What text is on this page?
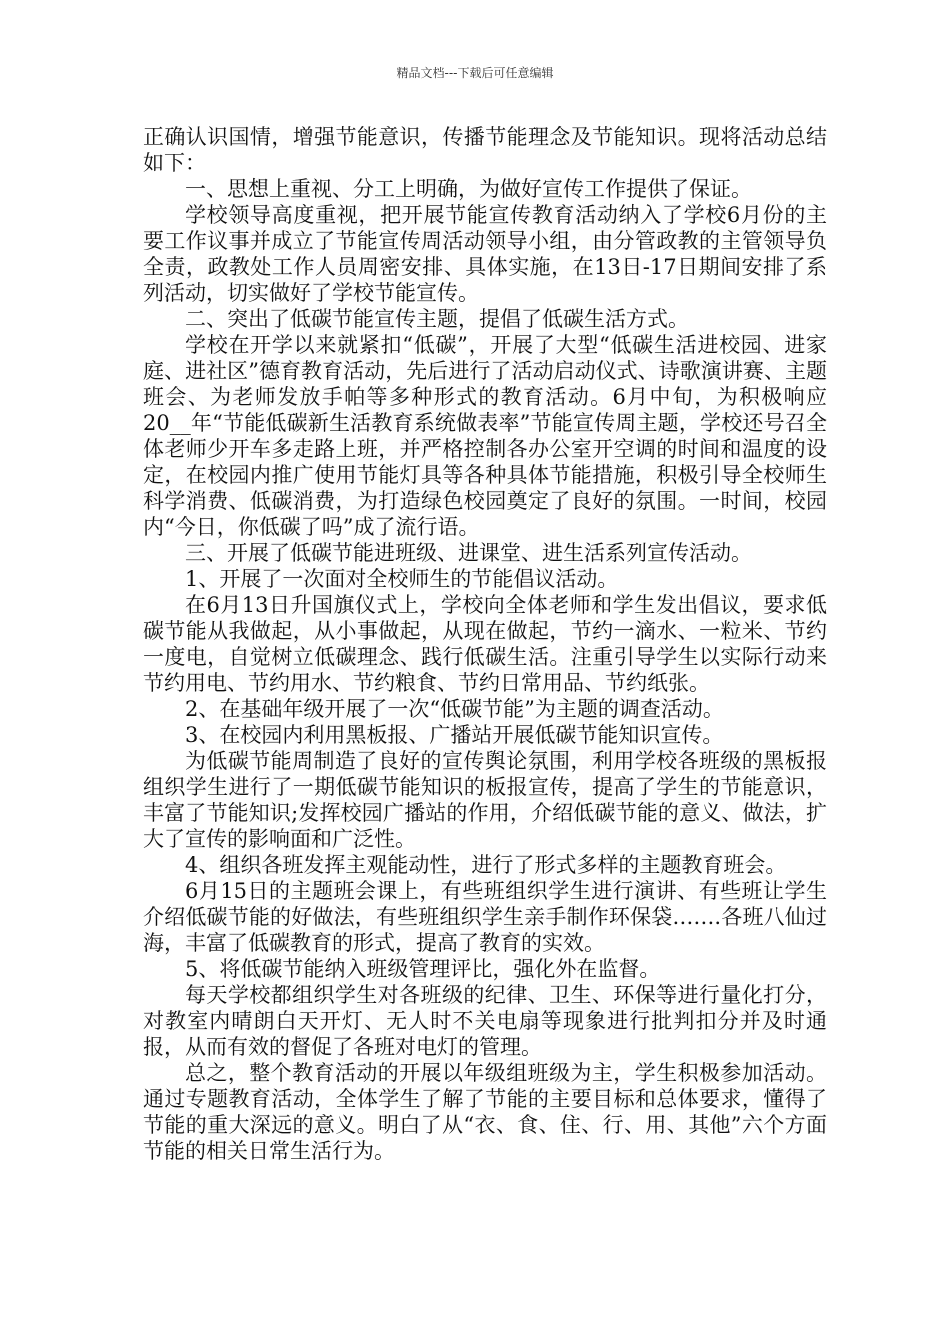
精品文档---下载后可任意编辑

正确认识国情，增强节能意识，传播节能理念及节能知识。现将活动总结如下：

一、思想上重视、分工上明确，为做好宣传工作提供了保证。

学校领导高度重视，把开展节能宣传教育活动纳入了学校6月份的主要工作议事并成立了节能宣传周活动领导小组，由分管政教的主管领导负全责，政教处工作人员周密安排、具体实施，在13日-17日期间安排了系列活动，切实做好了学校节能宣传。

二、突出了低碳节能宣传主题，提倡了低碳生活方式。

学校在开学以来就紧扣“低碳”，开展了大型“低碳生活进校园、进家庭、进社区”德育教育活动，先后进行了活动启动仪式、诗歌演讲赛、主题班会、为老师发放手帕等多种形式的教育活动。6月中旬，为积极响应20__年“节能低碳新生活教育系统做表率”节能宣传周主题，学校还号召全体老师少开车多走路上班，并严格控制各办公室开空调的时间和温度的设定，在校园内推广使用节能灯具等各种具体节能措施，积极引导全校师生科学消费、低碳消费，为打造绿色校园奠定了良好的氛围。一时间，校园内“今日，你低碳了吗”成了流行语。

三、开展了低碳节能进班级、进课堂、进生活系列宣传活动。

1、开展了一次面对全校师生的节能倡议活动。

在6月13日升国旗仪式上，学校向全体老师和学生发出倡议，要求低碳节能从我做起，从小事做起，从现在做起，节约一滴水、一粒米、节约一度电，自觉树立低碳理念、践行低碳生活。注重引导学生以实际行动来节约用电、节约用水、节约粮食、节约日常用品、节约纸张。

2、在基础年级开展了一次“低碳节能”为主题的调查活动。

3、在校园内利用黑板报、广播站开展低碳节能知识宣传。

为低碳节能周制造了良好的宣传舆论氛围，利用学校各班级的黑板报组织学生进行了一期低碳节能知识的板报宣传，提高了学生的节能意识，丰富了节能知识;发挥校园广播站的作用，介绍低碳节能的意义、做法，扩大了宣传的影响面和广泛性。

4、组织各班发挥主观能动性，进行了形式多样的主题教育班会。

6月15日的主题班会课上，有些班组织学生进行演讲、有些班让学生介绍低碳节能的好做法，有些班组织学生亲手制作环保袋…….各班八仙过海，丰富了低碳教育的形式，提高了教育的实效。

5、将低碳节能纳入班级管理评比，强化外在监督。

每天学校都组织学生对各班级的纪律、卫生、环保等进行量化打分，对教室内晴朗白天开灯、无人时不关电扇等现象进行批判扣分并及时通报，从而有效的督促了各班对电灯的管理。

总之，整个教育活动的开展以年级组班级为主，学生积极参加活动。通过专题教育活动，全体学生了解了节能的主要目标和总体要求，懂得了节能的重大深远的意义。明白了从“衣、食、住、行、用、其他”六个方面节能的相关日常生活行为。
